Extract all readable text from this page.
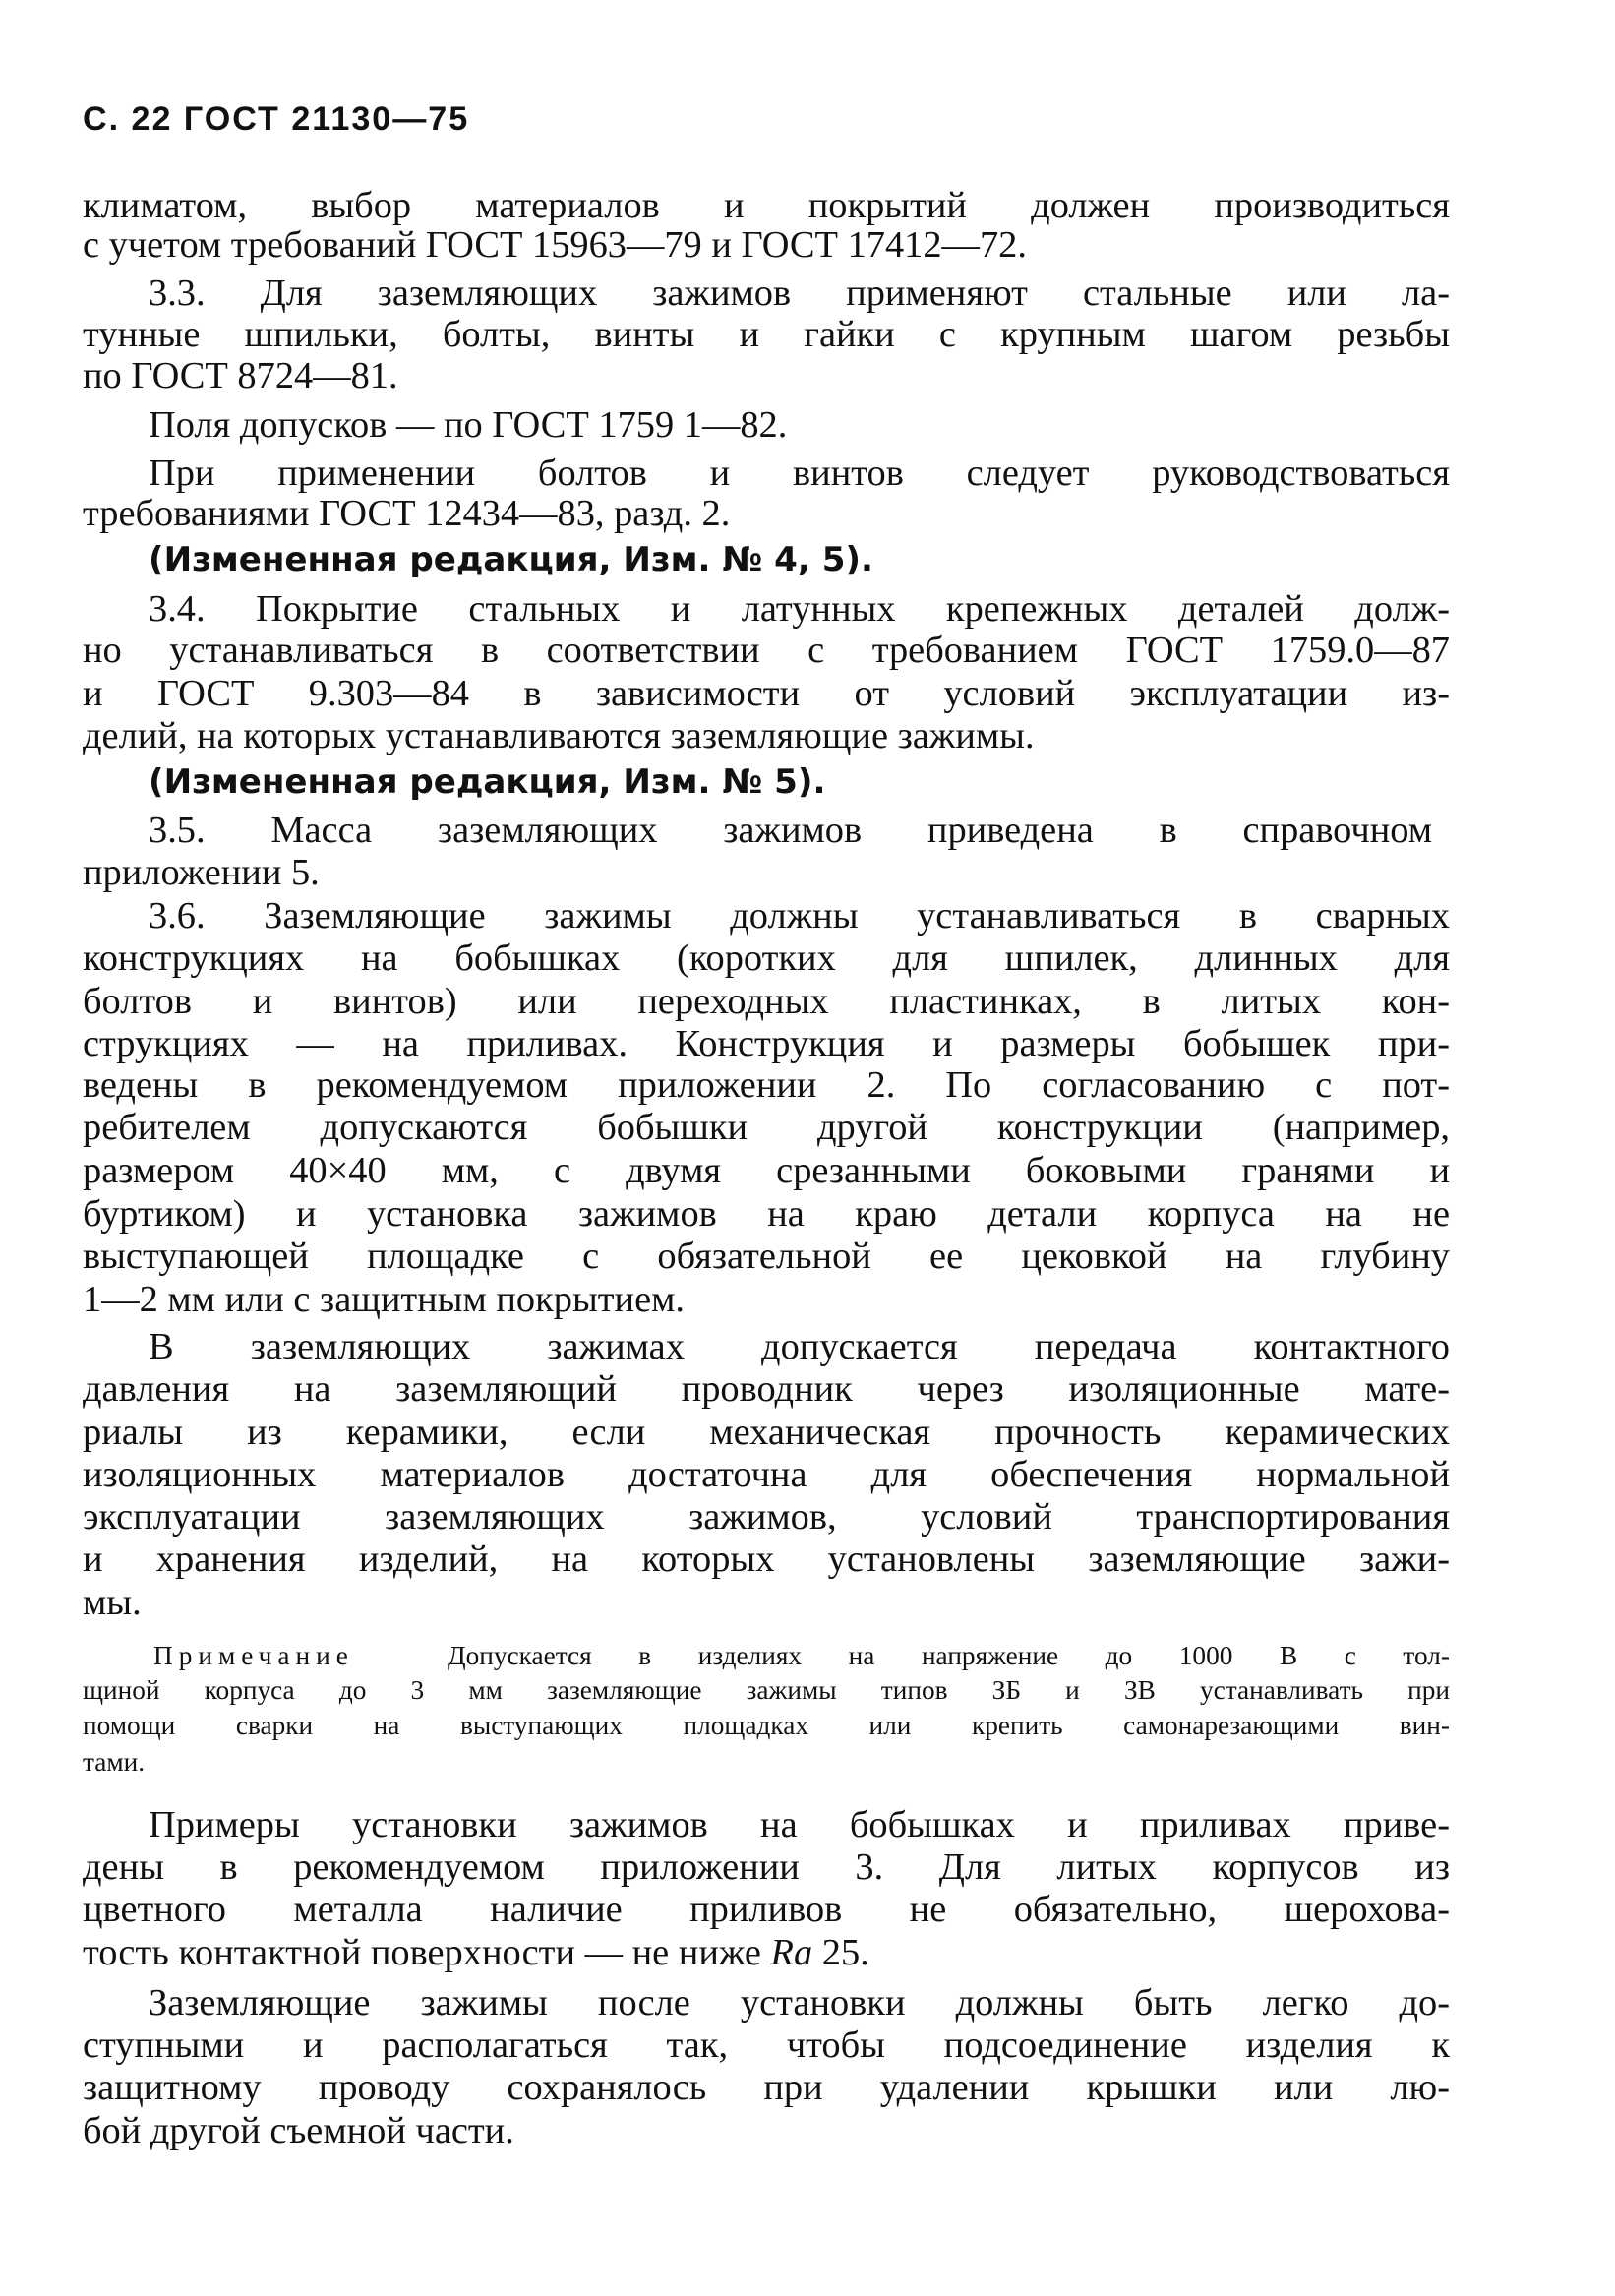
С. 22 ГОСТ 21130—75
климатом, выбор материалов и покрытий должен производиться
с учетом требований ГОСТ 15963—79 и ГОСТ 17412—72.
3.3. Для заземляющих зажимов применяют стальные или ла-
тунные шпильки, болты, винты и гайки с крупным шагом резьбы
по ГОСТ 8724—81.
Поля допусков — по ГОСТ 1759 1—82.
При применении болтов и винтов следует руководствоваться
требованиями ГОСТ 12434—83, разд. 2.
(Измененная редакция, Изм. № 4, 5).
3.4. Покрытие стальных и латунных крепежных деталей долж-
но устанавливаться в соответствии с требованием ГОСТ 1759.0—87
и ГОСТ 9.303—84 в зависимости от условий эксплуатации из-
делий, на которых устанавливаются заземляющие зажимы.
(Измененная редакция, Изм. № 5).
3.5. Масса заземляющих зажимов приведена в справочном
приложении 5.
3.6. Заземляющие зажимы должны устанавливаться в сварных
конструкциях на бобышках (коротких для шпилек, длинных для
болтов и винтов) или переходных пластинках, в литых кон-
струкциях — на приливах. Конструкция и размеры бобышек при-
ведены в рекомендуемом приложении 2. По согласованию с пот-
ребителем допускаются бобышки другой конструкции (например,
размером 40×40 мм, с двумя срезанными боковыми гранями и
буртиком) и установка зажимов на краю детали корпуса на не
выступающей площадке с обязательной ее цековкой на глубину
1—2 мм или с защитным покрытием.
В заземляющих зажимах допускается передача контактного
давления на заземляющий проводник через изоляционные мате-
риалы из керамики, если механическая прочность керамических
изоляционных материалов достаточна для обеспечения нормальной
эксплуатации заземляющих зажимов, условий транспортирования
и хранения изделий, на которых установлены заземляющие зажи-
мы.
Примечание	Допускается в изделиях на напряжение до 1000 В с тол-
щиной корпуса до 3 мм заземляющие зажимы типов ЗБ и ЗВ устанавливать при
помощи сварки на выступающих площадках или крепить самонарезающими вин-
тами.
Примеры установки зажимов на бобышках и приливах приве-
дены в рекомендуемом приложении 3. Для литых корпусов из
цветного металла наличие приливов не обязательно, шерохова-
тость контактной поверхности — не ниже Ra 25.
Заземляющие зажимы после установки должны быть легко до-
ступными и располагаться так, чтобы подсоединение изделия к
защитному проводу сохранялось при удалении крышки или лю-
бой другой съемной части.
